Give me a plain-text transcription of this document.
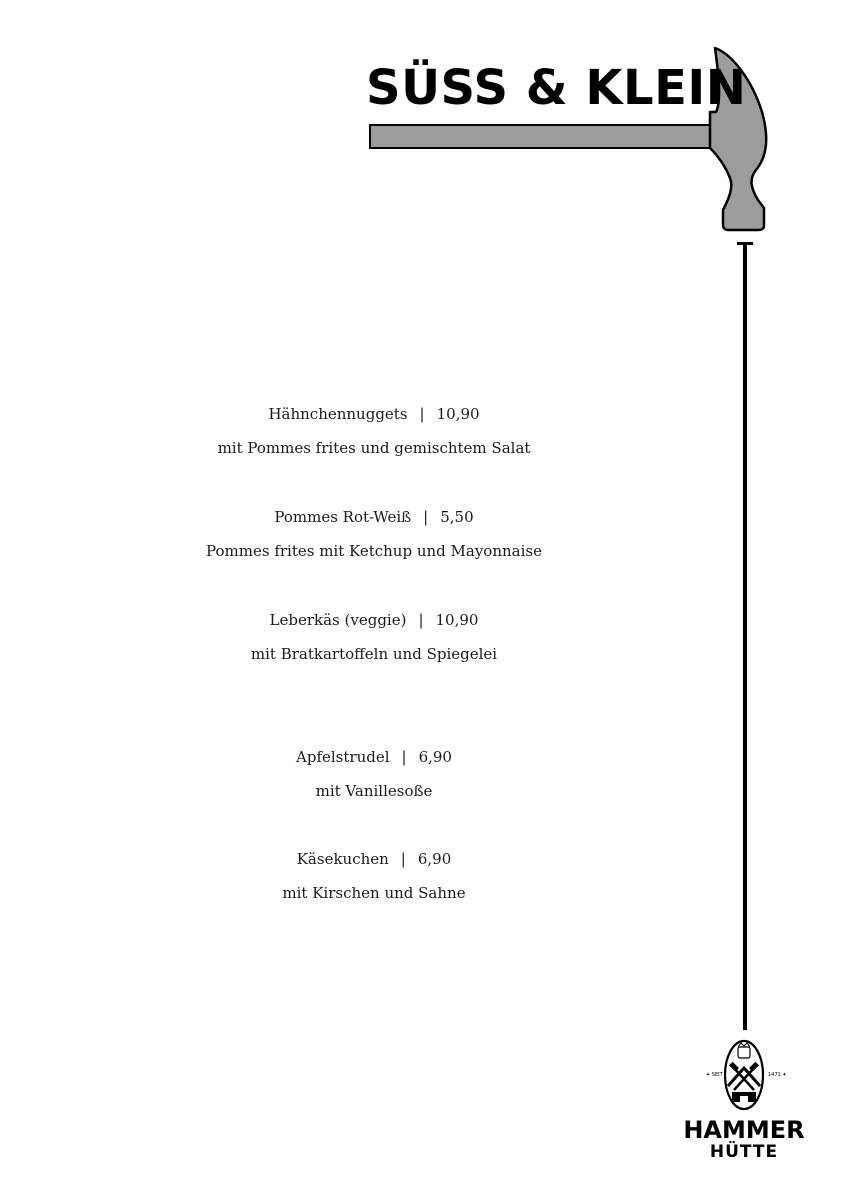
SÜSS & KLEIN
Hähnchennuggets | 10,90
mit Pommes frites und gemischtem Salat
Pommes Rot-Weiß | 5,50
Pommes frites mit Ketchup und Mayonnaise
Leberkäs (veggie) | 10,90
mit Bratkartoffeln und Spiegelei
Apfelstrudel | 6,90
mit Vanillesoße
Käsekuchen | 6,90
mit Kirschen und Sahne
✦ SEIT	1471 ✦
HAMMER
HÜTTE
